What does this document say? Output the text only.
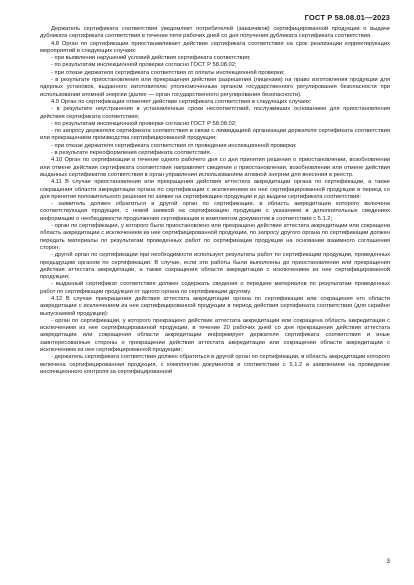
ГОСТ Р 58.08.01—2023

Держатель сертификата соответствия уведомляет потребителей (заказчиков) сертифицированной продукции о выдаче дубликата сертификата соответствия в течение пяти рабочих дней со дня получения дубликата сертификата соответствия.

4.8 Орган по сертификации приостанавливает действие сертификата соответствия на срок реализации корректирующих мероприятий в следующих случаях:

- при выявлении нарушений условий действия сертификата соответствия;

- по результатам инспекционной проверки согласно ГОСТ Р 58.08.02;

- при отказе держателя сертификата соответствия от оплаты инспекционной проверки;

- в результате приостановления или прекращения действия разрешения (лицензии) на право изготовления продукции для ядерных установок, выданного изготовителю уполномоченным органом государственного регулирования безопасности при использовании атомной энергии (далее — орган государственного регулирования безопасности).

4.9 Орган по сертификации отменяет действие сертификата соответствия в следующих случаях:

- в результате неустранения в установленные сроки несоответствий, послуживших основанием для приостановления действия сертификата соответствия;

- по результатам инспекционной проверки согласно ГОСТ Р 58.08.02;

- по запросу держателя сертификата соответствия в связи с ликвидацией организации держателя сертификата соответствия или прекращением производства сертифицированной продукции;

- при отказе держателя сертификата соответствия от проведения инспекционной проверки;

- в результате переоформления сертификата соответствия.

4.10 Орган по сертификации в течение одного рабочего дня со дня принятия решения о приостановлении, возобновлении или отмене действия сертификата соответствия направляет сведения о приостановлении, возобновлении или отмене действия выданных сертификатов соответствия в орган управления использованием атомной энергии для внесения в реестр.

4.11 В случае приостановления или прекращения действия аттестата аккредитации органа по сертификации, а также сокращения области аккредитации органа по сертификации с исключением из нее сертифицированной продукции в период со дня принятия положительного решения по заявке на сертификацию продукции и до выдачи сертификата соответствия:

- заявитель должен обратиться в другой орган по сертификации, в область аккредитации которого включена соответствующая продукция, с новой заявкой на сертификацию продукции с указанием в дополнительных сведениях информации о необходимости продолжения сертификации и комплектом документов в соответствии с 5.1.2;

- орган по сертификации, у которого было приостановлено или прекращено действие аттестата аккредитации или сокращена область аккредитации с исключением из нее сертифицированной продукции, по запросу другого органа по сертификации должен передать материалы по результатам проведенных работ по сертификации продукции на основании взаимного соглашения сторон;

- другой орган по сертификации при необходимости использует результаты работ по сертификации продукции, проведенных предыдущим органом по сертификации. В случае, если эти работы были выполнены до приостановления или прекращения действия аттестата аккредитации, а также сокращения области аккредитации с исключением из нее сертифицированной продукции;

- выданный сертификат соответствия должен содержать сведения о передаче материалов по результатам проведенных работ по сертификации продукции от одного органа по сертификации другому.

4.12 В случае прекращения действия аттестата аккредитации органа по сертификации или сокращения его области аккредитации с исключением из нее сертифицированной продукции в период действия сертификата соответствия (для серийно выпускаемой продукции):

- орган по сертификации, у которого прекращено действие аттестата аккредитации или сокращена область аккредитации с исключением из нее сертифицированной продукции, в течение 20 рабочих дней со дня прекращения действия аттестата аккредитации или сокращения области аккредитации информирует держателя сертификата соответствия и иные заинтересованные стороны о прекращении действия аттестата аккредитации или сокращении области аккредитации с исключением из нее сертифицированной продукции;

- держатель сертификата соответствия должен обратиться в другой орган по сертификации, в область аккредитации которого включена сертифицированная продукция, с комплектом документов в соответствии с 5.1.2 и заявлением на проведение инспекционного контроля за сертифицированной

3
